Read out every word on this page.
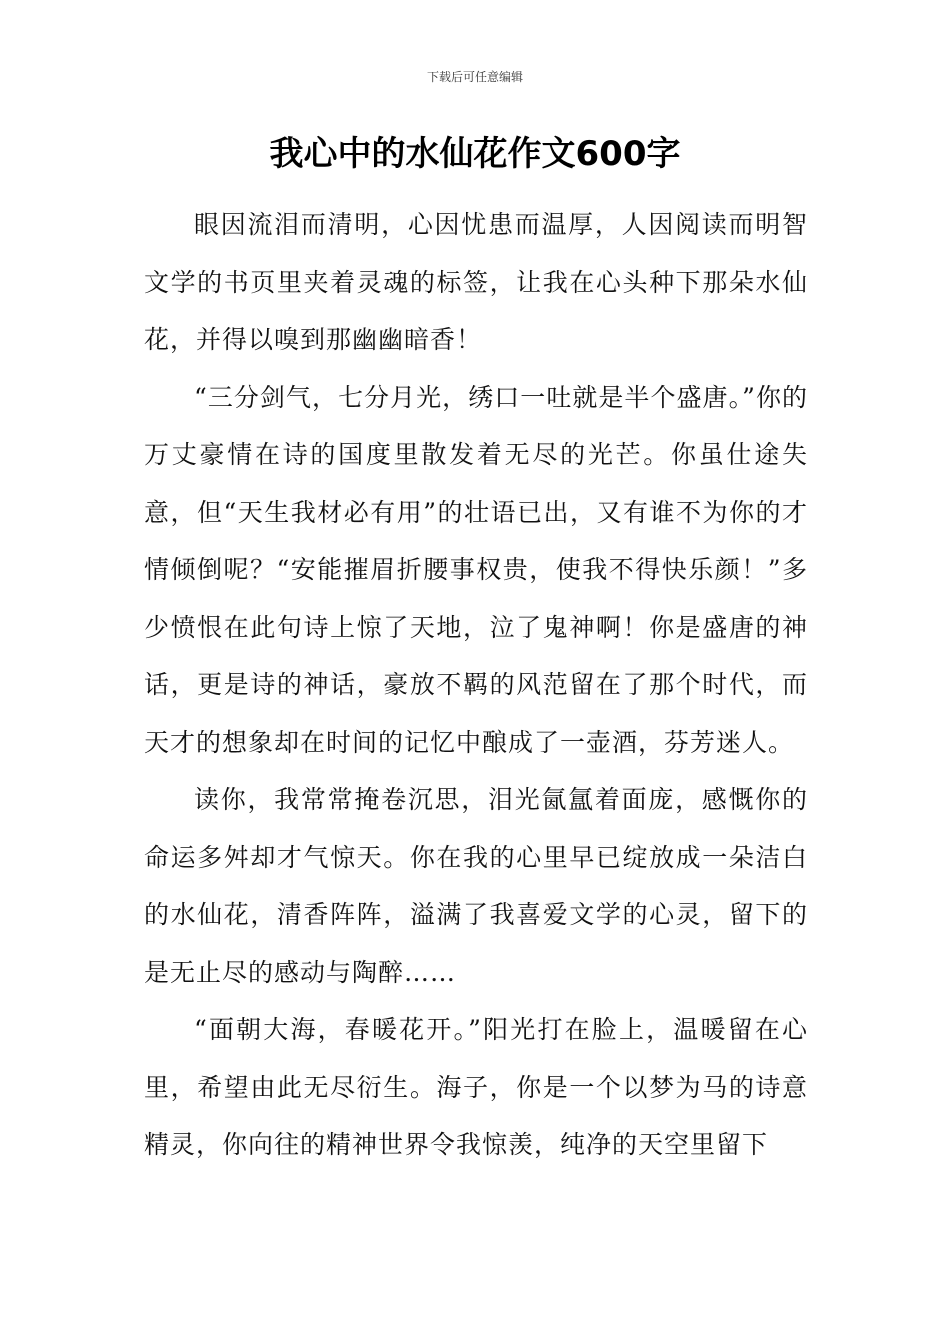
下载后可任意编辑
我心中的水仙花作文600字

眼因流泪而清明，心因忧患而温厚，人因阅读而明智文学的书页里夹着灵魂的标签，让我在心头种下那朵水仙花，并得以嗅到那幽幽暗香！

“三分剑气，七分月光，绣口一吐就是半个盛唐。”你的万丈豪情在诗的国度里散发着无尽的光芒。你虽仕途失意，但“天生我材必有用”的壮语已出，又有谁不为你的才情倾倒呢？“安能摧眉折腰事权贵，使我不得快乐颜！”多少愤恨在此句诗上惊了天地，泣了鬼神啊！你是盛唐的神话，更是诗的神话，豪放不羁的风范留在了那个时代，而天才的想象却在时间的记忆中酿成了一壶酒，芬芳迷人。

读你，我常常掩卷沉思，泪光氤氲着面庞，感慨你的命运多舛却才气惊天。你在我的心里早已绽放成一朵洁白的水仙花，清香阵阵，溢满了我喜爱文学的心灵，留下的是无止尽的感动与陶醉……

“面朝大海，春暖花开。”阳光打在脸上，温暖留在心里，希望由此无尽衍生。海子，你是一个以梦为马的诗意精灵，你向往的精神世界令我惊羡，纯净的天空里留下
